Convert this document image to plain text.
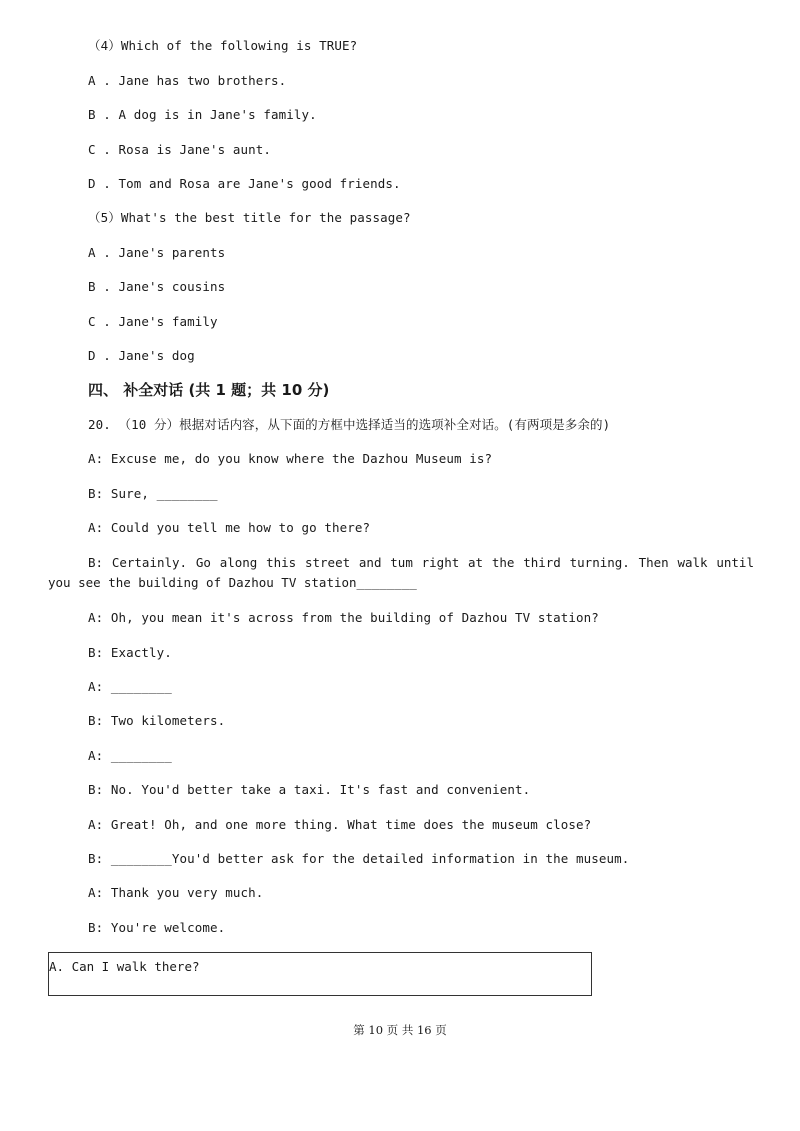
（4）Which of the following is TRUE?
A . Jane has two brothers.
B . A dog is in Jane's family.
C . Rosa is Jane's aunt.
D . Tom and Rosa are Jane's good friends.
（5）What's the best title for the passage?
A . Jane's parents
B . Jane's cousins
C . Jane's family
D . Jane's dog
四、 补全对话 (共 1 题；共 10 分)
20. （10 分）根据对话内容，从下面的方框中选择适当的选项补全对话。(有两项是多余的)
A: Excuse me, do you know where the Dazhou Museum is?
B: Sure, ________
A: Could you tell me how to go there?
B: Certainly. Go along this street and tum right at the third turning. Then walk until you see the building of Dazhou TV station________
A: Oh, you mean it's across from the building of Dazhou TV station?
B: Exactly.
A: ________
B: Two kilometers.
A: ________
B: No. You'd better take a taxi. It's fast and convenient.
A: Great! Oh, and one more thing. What time does the museum close?
B: ________You'd better ask for the detailed information in the museum.
A: Thank you very much.
B: You're welcome.
A. Can I walk there?
第 10 页 共 16 页
